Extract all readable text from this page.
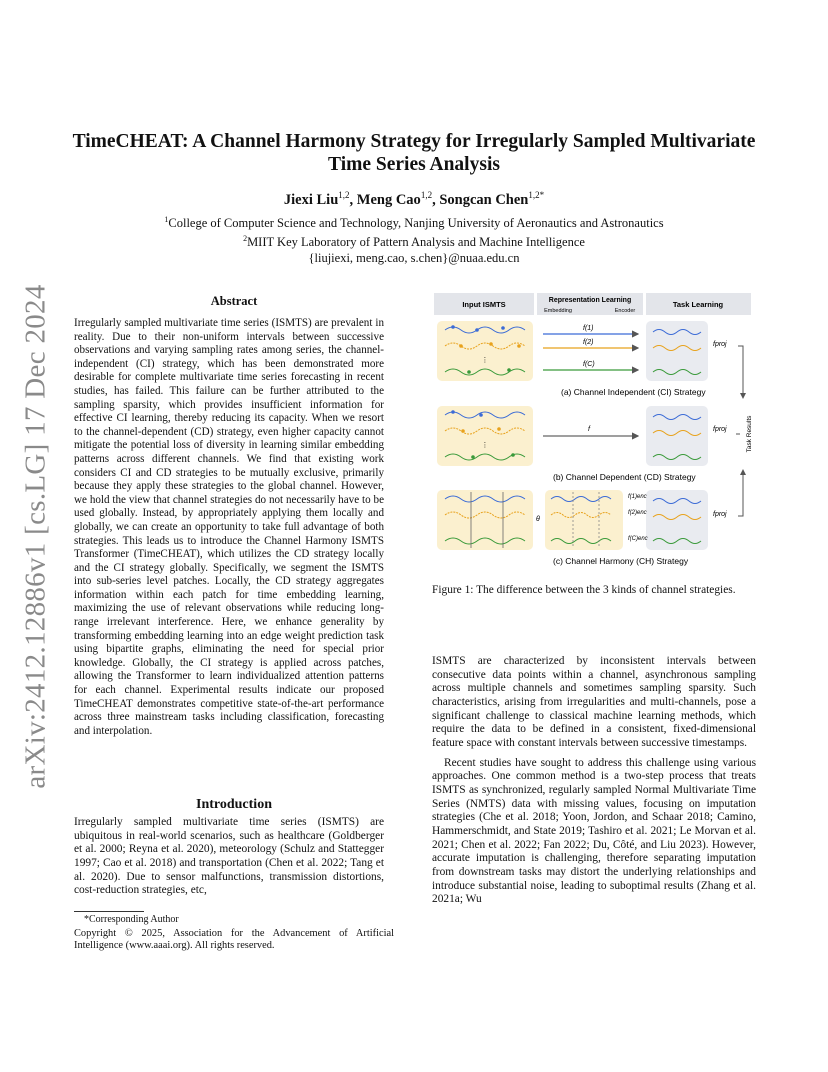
arXiv:2412.12886v1 [cs.LG] 17 Dec 2024
TimeCHEAT: A Channel Harmony Strategy for Irregularly Sampled Multivariate
Time Series Analysis
Jiexi Liu$^{1,2}$, Meng Cao$^{1,2}$, Songcan Chen$^{1,2*}$
$^1$College of Computer Science and Technology, Nanjing University of Aeronautics and Astronautics
$^2$MIIT Key Laboratory of Pattern Analysis and Machine Intelligence
{liujiexi, meng.cao, s.chen}@nuaa.edu.cn
Abstract

Irregularly sampled multivariate time series (ISMTS) are prevalent in reality. Due to their non-uniform intervals between successive observations and varying sampling rates among series, the channel-independent (CI) strategy, which has been demonstrated more desirable for complete multivariate time series forecasting in recent studies, has failed. This failure can be further attributed to the sampling sparsity, which provides insufficient information for effective CI learning, thereby reducing its capacity. When we resort to the channel-dependent (CD) strategy, even higher capacity cannot mitigate the potential loss of diversity in learning similar embedding patterns across different channels. We find that existing work considers CI and CD strategies to be mutually exclusive, primarily because they apply these strategies to the global channel. However, we hold the view that channel strategies do not necessarily have to be used globally. Instead, by appropriately applying them locally and globally, we can create an opportunity to take full advantage of both strategies. This leads us to introduce the Channel Harmony ISMTS Transformer (TimeCHEAT), which utilizes the CD strategy locally and the CI strategy globally. Specifically, we segment the ISMTS into sub-series level patches. Locally, the CD strategy aggregates information within each patch for time embedding learning, maximizing the use of relevant observations while reducing long-range irrelevant interference. Here, we enhance generality by transforming embedding learning into an edge weight prediction task using bipartite graphs, eliminating the need for special prior knowledge. Globally, the CI strategy is applied across patches, allowing the Transformer to learn individualized attention patterns for each channel. Experimental results indicate our proposed TimeCHEAT demonstrates competitive state-of-the-art performance across three mainstream tasks including classification, forecasting and interpolation.

Introduction

Irregularly sampled multivariate time series (ISMTS) are ubiquitous in real-world scenarios, such as healthcare (Goldberger et al. 2000; Reyna et al. 2020), meteorology (Schulz and Stattegger 1997; Cao et al. 2018) and transportation (Chen et al. 2022; Tang et al. 2020). Due to sensor malfunctions, transmission distortions, cost-reduction strategies, etc,

*Corresponding Author
Copyright © 2025, Association for the Advancement of Artificial Intelligence (www.aaai.org). All rights reserved.
Input ISMTS	Representation Learning
Embedding	Encoder
Task Learning
⋮
f(1)
f(2)
f(C)
fproj
(a) Channel Independent (CI) Strategy
⋮
f	fproj
(b) Channel Dependent (CD) Strategy
θ
f(1)enc
f(2)enc
f(C)enc
fproj
(c) Channel Harmony (CH) Strategy
Task Results
Figure 1: The difference between the 3 kinds of channel strategies.

ISMTS are characterized by inconsistent intervals between consecutive data points within a channel, asynchronous sampling across multiple channels and sometimes sampling sparsity. Such characteristics, arising from irregularities and multi-channels, pose a significant challenge to classical machine learning methods, which require the data to be defined in a consistent, fixed-dimensional feature space with constant intervals between successive timestamps.

Recent studies have sought to address this challenge using various approaches. One common method is a two-step process that treats ISMTS as synchronized, regularly sampled Normal Multivariate Time Series (NMTS) data with missing values, focusing on imputation strategies (Che et al. 2018; Yoon, Jordon, and Schaar 2018; Camino, Hammerschmidt, and State 2019; Tashiro et al. 2021; Le Morvan et al. 2021; Chen et al. 2022; Fan 2022; Du, Côté, and Liu 2023). However, accurate imputation is challenging, therefore separating imputation from downstream tasks may distort the underlying relationships and introduce substantial noise, leading to suboptimal results (Zhang et al. 2021a; Wu
